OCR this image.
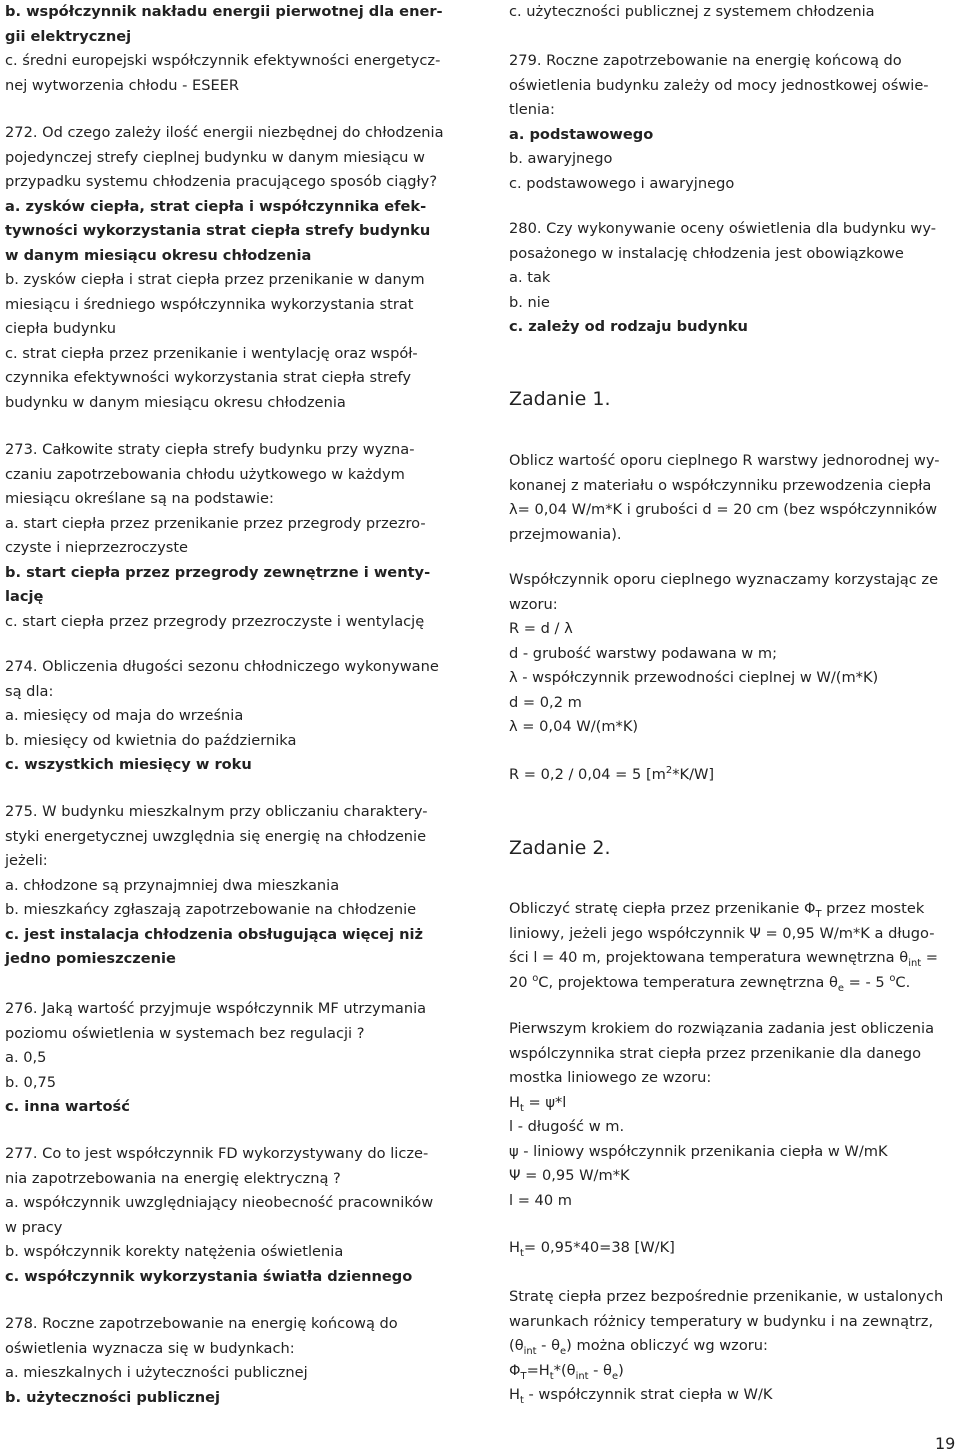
b. współczynnik nakładu energii pierwotnej dla ener-
gii elektrycznej
c. średni europejski współczynnik efektywności energetycz-
nej wytworzenia chłodu - ESEER
272. Od czego zależy ilość energii niezbędnej do chłodzenia
pojedynczej strefy cieplnej budynku w danym miesiącu w
przypadku systemu chłodzenia pracującego sposób ciągły?
a. zysków ciepła, strat ciepła i współczynnika efek-
tywności wykorzystania strat ciepła strefy budynku
w danym miesiącu okresu chłodzenia
b. zysków ciepła i strat ciepła przez przenikanie w danym
miesiącu i średniego współczynnika wykorzystania strat
ciepła budynku
c. strat ciepła przez przenikanie i wentylację oraz współ-
czynnika efektywności wykorzystania strat ciepła strefy
budynku w danym miesiącu okresu chłodzenia
273. Całkowite straty ciepła strefy budynku przy wyzna-
czaniu zapotrzebowania chłodu użytkowego w każdym
miesiącu określane są na podstawie:
a. start ciepła przez przenikanie przez przegrody przezro-
czyste i nieprzezroczyste
b. start ciepła przez przegrody zewnętrzne i wenty-
lację
c. start ciepła przez przegrody przezroczyste i wentylację
274. Obliczenia długości sezonu chłodniczego wykonywane
są dla:
a. miesięcy od maja do września
b. miesięcy od kwietnia do października
c. wszystkich miesięcy w roku
275. W budynku mieszkalnym przy obliczaniu charaktery-
styki energetycznej uwzględnia się energię na chłodzenie
jeżeli:
a. chłodzone są przynajmniej dwa mieszkania
b. mieszkańcy zgłaszają zapotrzebowanie na chłodzenie
c. jest instalacja chłodzenia obsługująca więcej niż
jedno pomieszczenie
276. Jaką wartość przyjmuje współczynnik MF utrzymania
poziomu oświetlenia w systemach bez regulacji ?
a. 0,5
b. 0,75
c. inna wartość
277. Co to jest współczynnik FD wykorzystywany do licze-
nia zapotrzebowania na energię elektryczną ?
a. współczynnik uwzględniający nieobecność pracowników
w pracy
b. współczynnik korekty natężenia oświetlenia
c. współczynnik wykorzystania światła dziennego
278. Roczne zapotrzebowanie na energię końcową do
oświetlenia wyznacza się w budynkach:
a. mieszkalnych i użyteczności publicznej
b. użyteczności publicznej
c. użyteczności publicznej z systemem chłodzenia
279. Roczne zapotrzebowanie na energię końcową do
oświetlenia budynku zależy od mocy jednostkowej oświe-
tlenia:
a. podstawowego
b. awaryjnego
c. podstawowego i awaryjnego
280. Czy wykonywanie oceny oświetlenia dla budynku wy-
posażonego w instalację chłodzenia jest obowiązkowe
a. tak
b. nie
c. zależy od rodzaju budynku
Zadanie 1.
Oblicz wartość oporu cieplnego R warstwy jednorodnej wy-
konanej z materiału o współczynniku przewodzenia ciepła
λ= 0,04 W/m*K i grubości d = 20 cm (bez współczynników
przejmowania).
Współczynnik oporu cieplnego wyznaczamy korzystając ze
wzoru:
R = d / λ
d - grubość warstwy podawana w m;
λ - współczynnik przewodności cieplnej w W/(m*K)
d = 0,2 m
λ = 0,04 W/(m*K)
R = 0,2 / 0,04 = 5 $[m^2*K/W]$
Zadanie 2.
Obliczyć stratę ciepła przez przenikanie $\Phi_T$ przez mostek
liniowy, jeżeli jego współczynnik Ψ = 0,95 W/m*K a długo-
ści l = 40 m, projektowana temperatura wewnętrzna $\theta_{int}$ =
20 $^o$C, projektowa temperatura zewnętrzna $\theta_e$ = - 5 $^o$C.
Pierwszym krokiem do rozwiązania zadania jest obliczenia
wspólczynnika strat ciepła przez przenikanie dla danego
mostka liniowego ze wzoru:
$H_t = \psi*l$
l - długość w m.
ψ - liniowy współczynnik przenikania ciepła w W/mK
Ψ = 0,95 W/m*K
l = 40 m
$H_t= 0,95*40=38$ [W/K]
Stratę ciepła przez bezpośrednie przenikanie, w ustalonych
warunkach różnicy temperatury w budynku i na zewnątrz,
$(\theta_{int} - \theta_e)$ można obliczyć wg wzoru:
$\Phi_T=H_t*(\theta_{int} - \theta_e)$
$H_t$ - współczynnik strat ciepła w W/K
19
